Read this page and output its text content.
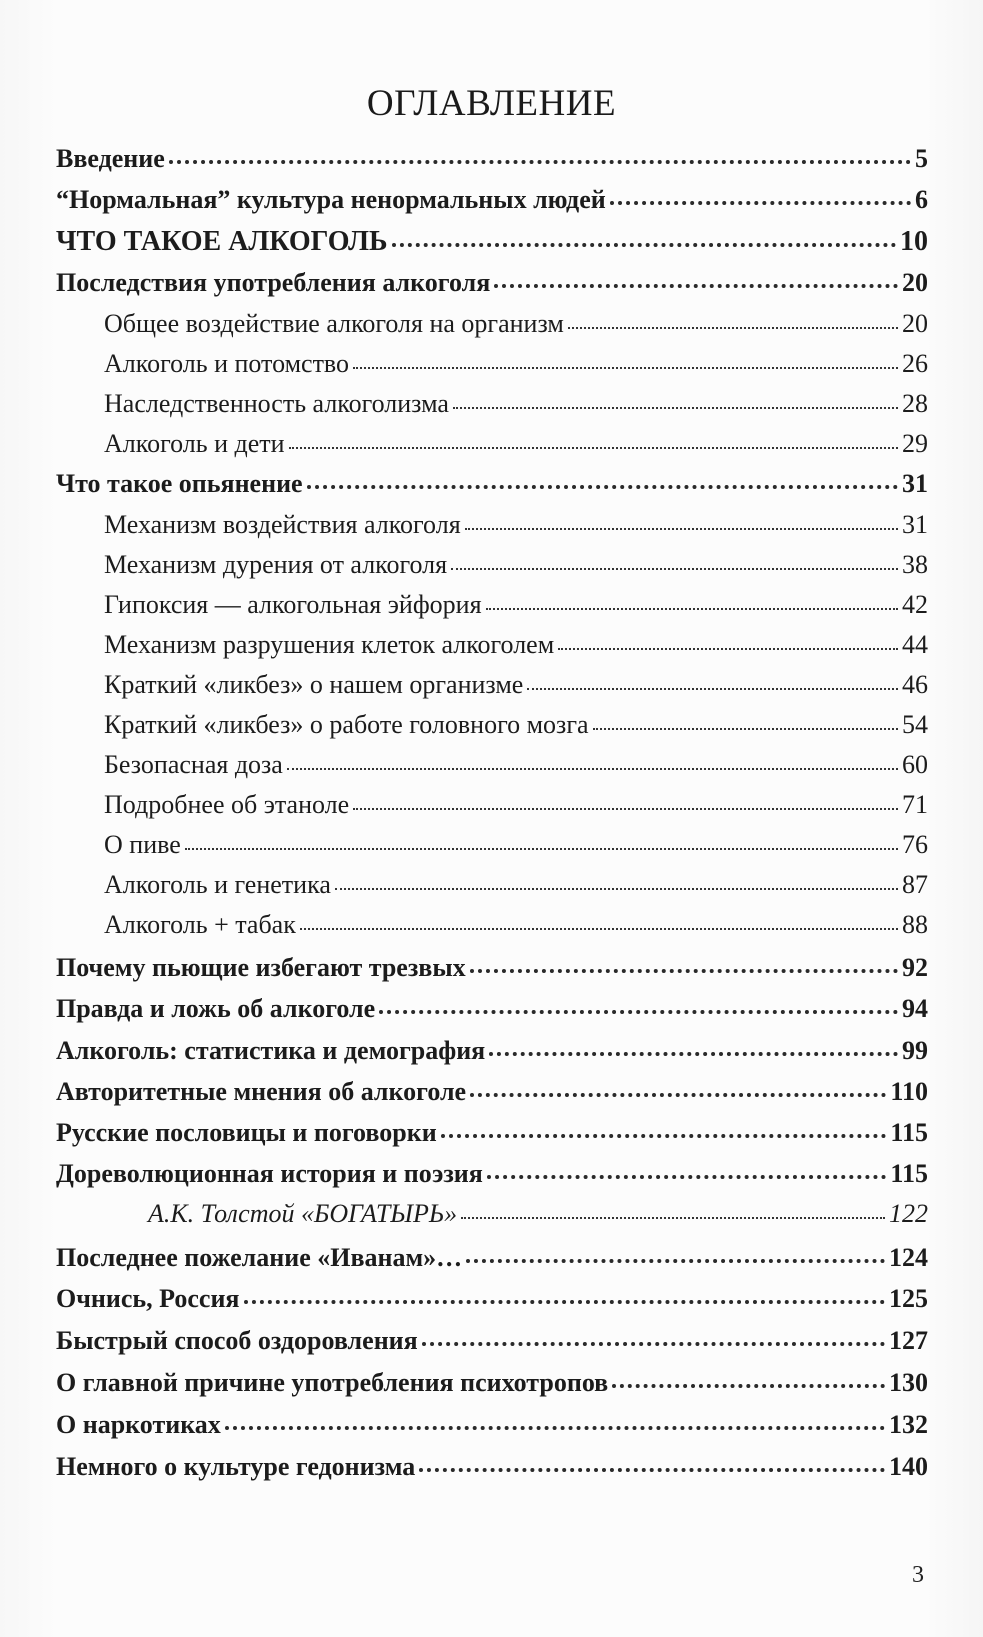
ОГЛАВЛЕНИЕ
Введение	5
“Нормальная” культура ненормальных людей	6
ЧТО ТАКОЕ АЛКОГОЛЬ	10
Последствия употребления алкоголя	20
Общее воздействие алкоголя на организм	20
Алкоголь и потомство	26
Наследственность алкоголизма	28
Алкоголь и дети	29
Что такое опьянение	31
Механизм воздействия алкоголя	31
Механизм дурения от алкоголя	38
Гипоксия — алкогольная эйфория	42
Механизм разрушения клеток алкоголем	44
Краткий «ликбез» о нашем организме	46
Краткий «ликбез» о работе головного мозга	54
Безопасная доза	60
Подробнее об этаноле	71
О пиве	76
Алкоголь и генетика	87
Алкоголь + табак	88
Почему пьющие избегают трезвых	92
Правда и ложь об алкоголе	94
Алкоголь: статистика и демография	99
Авторитетные мнения об алкоголе	110
Русские пословицы и поговорки	115
Дореволюционная история и поэзия	115
А.К. Толстой «БОГАТЫРЬ»	122
Последнее пожелание «Иванам»…	124
Очнись, Россия	125
Быстрый способ оздоровления	127
О главной причине употребления психотропов	130
О наркотиках	132
Немного о культуре гедонизма	140
3
